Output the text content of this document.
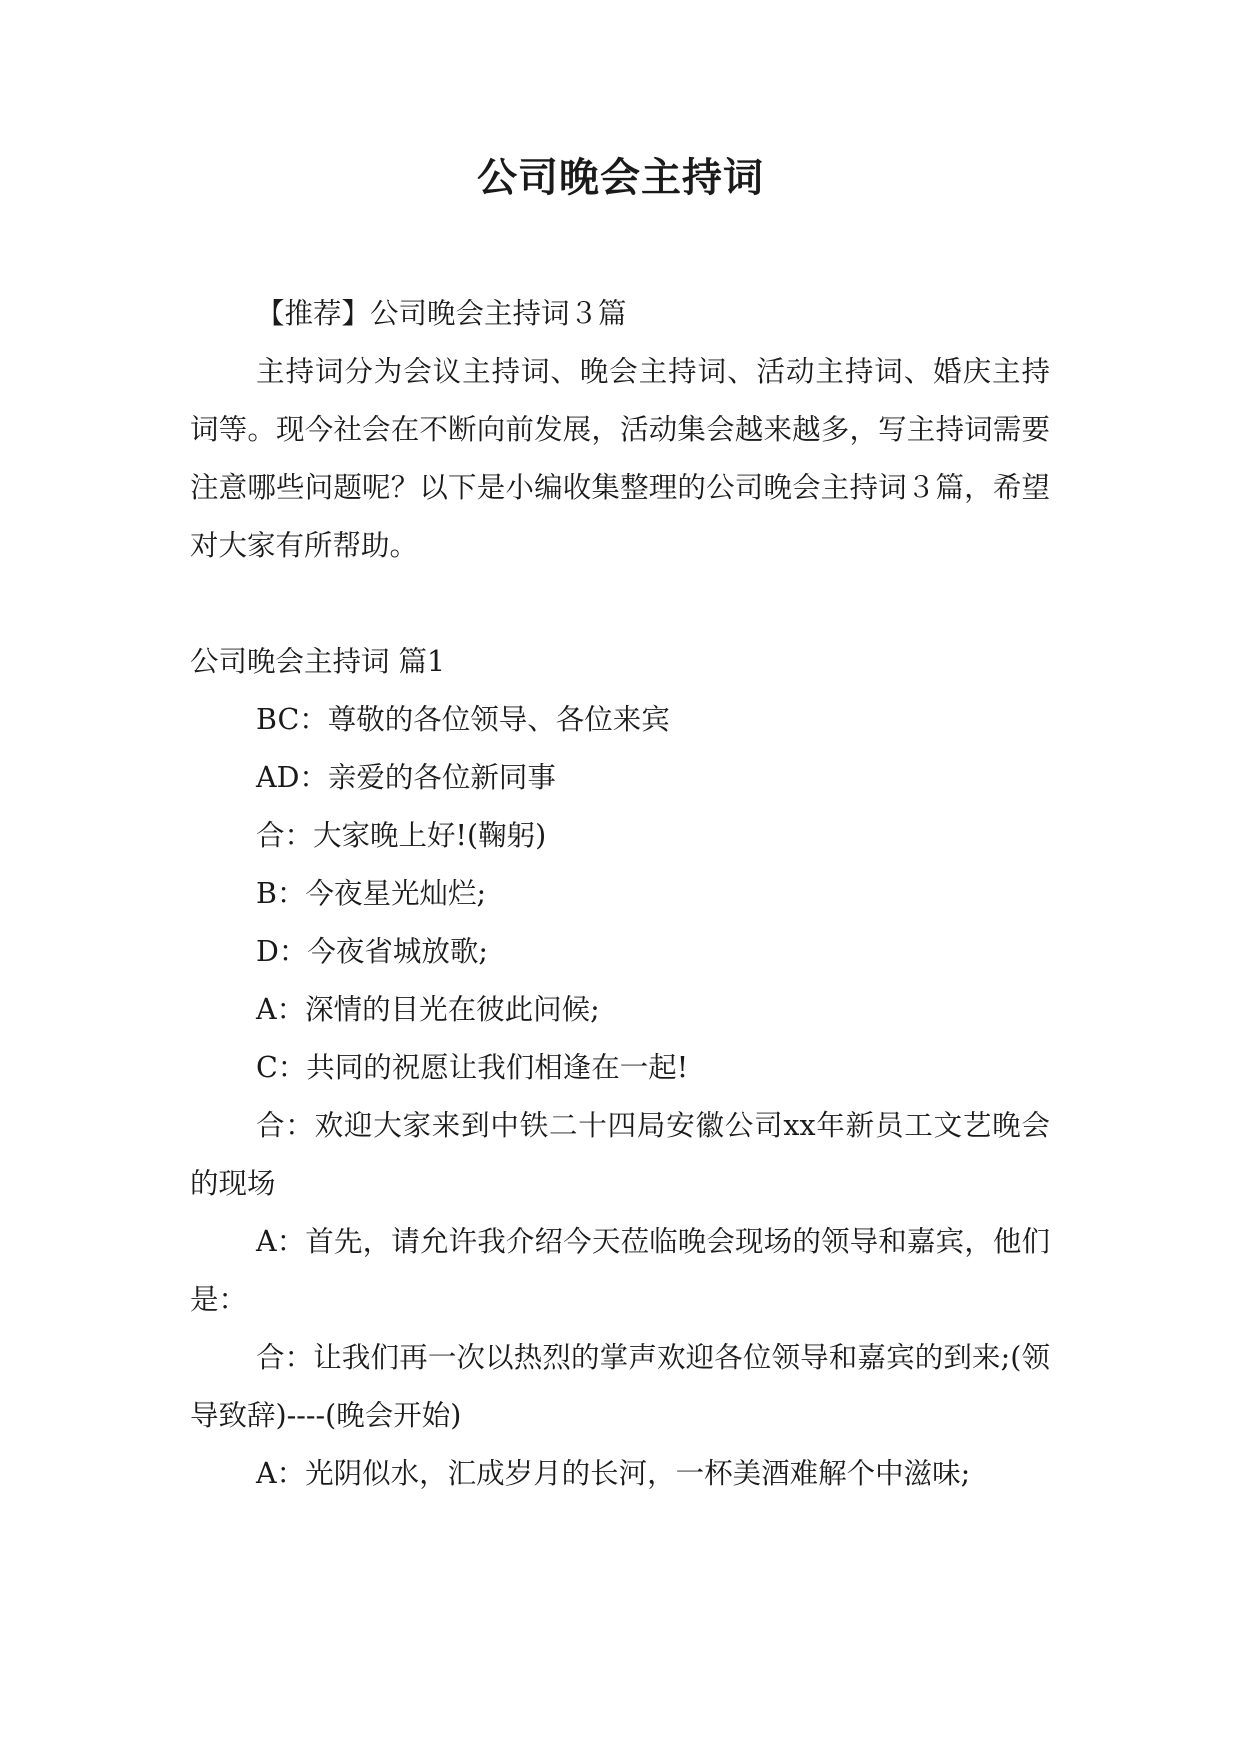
公司晚会主持词

【推荐】公司晚会主持词３篇

主持词分为会议主持词、晚会主持词、活动主持词、婚庆主持词等。现今社会在不断向前发展，活动集会越来越多，写主持词需要注意哪些问题呢？以下是小编收集整理的公司晚会主持词３篇，希望对大家有所帮助。

公司晚会主持词 篇1

BC：尊敬的各位领导、各位来宾

AD：亲爱的各位新同事

合：大家晚上好!(鞠躬)

B：今夜星光灿烂;

D：今夜省城放歌;

A：深情的目光在彼此问候;

C：共同的祝愿让我们相逢在一起!

合：欢迎大家来到中铁二十四局安徽公司xx年新员工文艺晚会的现场

A：首先，请允许我介绍今天莅临晚会现场的领导和嘉宾，他们是：

合：让我们再一次以热烈的掌声欢迎各位领导和嘉宾的到来;(领导致辞)----(晚会开始)

A：光阴似水，汇成岁月的长河，一杯美酒难解个中滋味;
